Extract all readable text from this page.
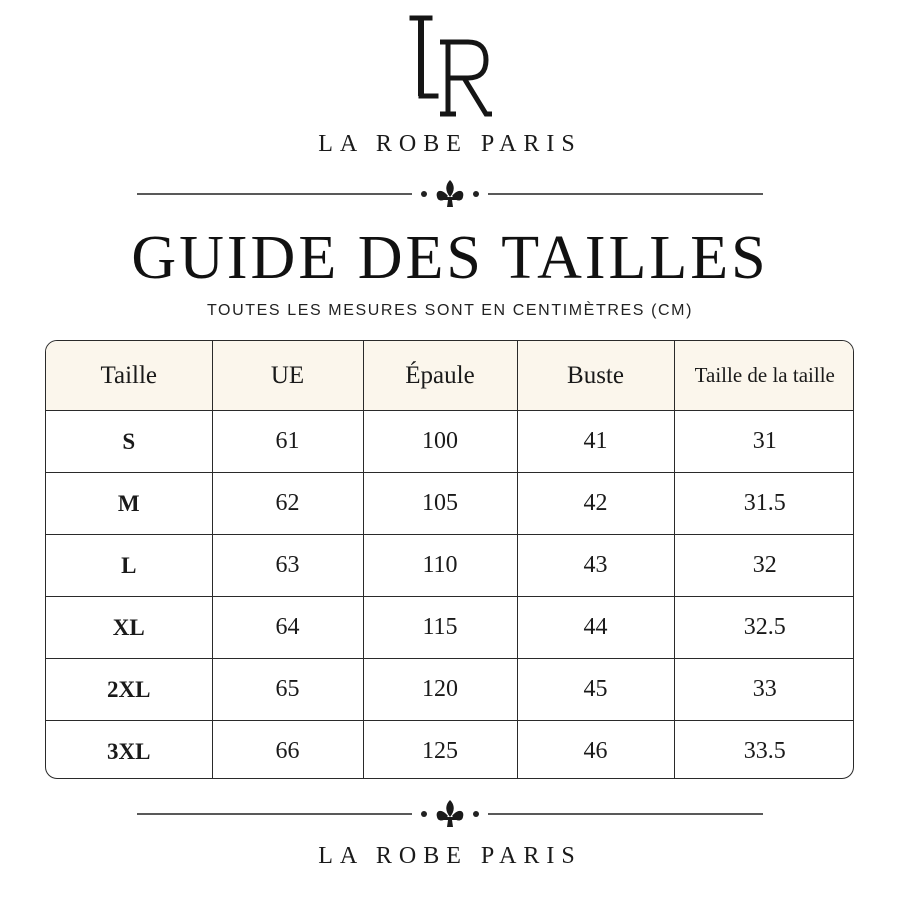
LA ROBE PARIS
GUIDE DES TAILLES
TOUTES LES MESURES SONT EN CENTIMÈTRES (CM)
Taille	UE	Épaule	Buste	Taille de la taille
S	61	100	41	31
M	62	105	42	31.5
L	63	110	43	32
XL	64	115	44	32.5
2XL	65	120	45	33
3XL	66	125	46	33.5
LA ROBE PARIS
